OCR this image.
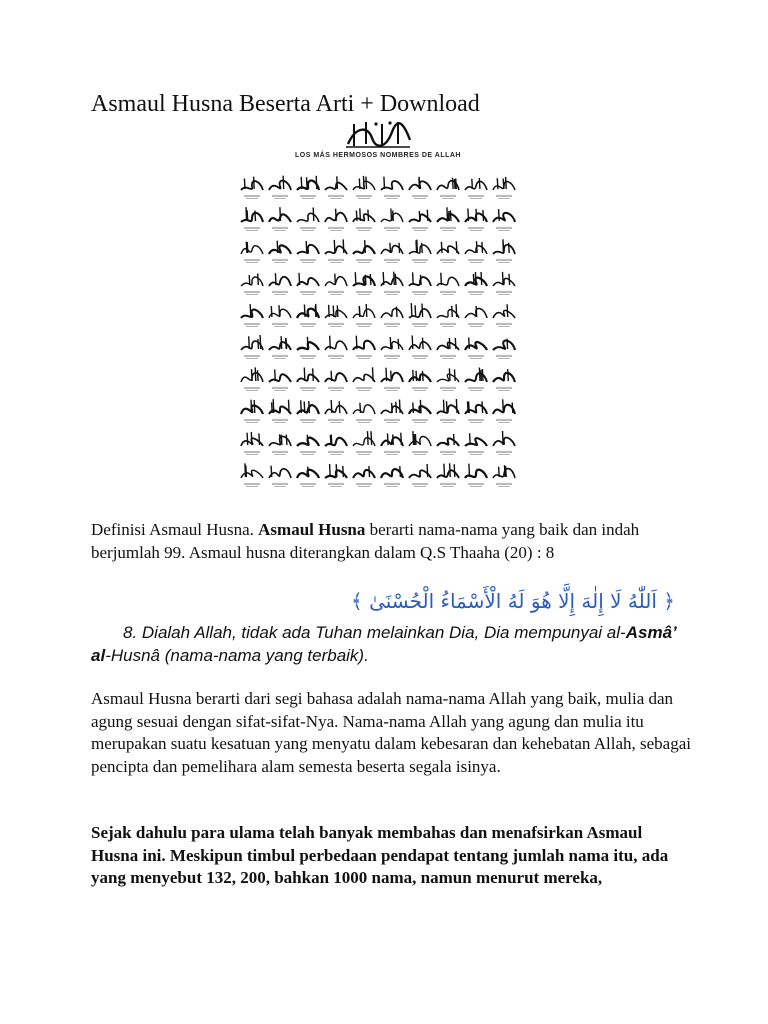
Asmaul Husna Beserta Arti + Download
LOS MÁS HERMOSOS NOMBRES DE ALLAH

Definisi Asmaul Husna. Asmaul Husna berarti nama-nama yang baik dan indah berjumlah 99. Asmaul husna diterangkan dalam Q.S Thaaha (20) : 8

﴿ اَللّٰهُ لَا إِلٰهَ إِلَّا هُوَ لَهُ الْأَسْمَاءُ الْحُسْنَىٰ ﴾

8. Dialah Allah, tidak ada Tuhan melainkan Dia, Dia mempunyai al-Asmâ’ al-Husnâ (nama-nama yang terbaik).

Asmaul Husna berarti dari segi bahasa adalah nama-nama Allah yang baik, mulia dan agung sesuai dengan sifat-sifat-Nya. Nama-nama Allah yang agung dan mulia itu merupakan suatu kesatuan yang menyatu dalam kebesaran dan kehebatan Allah, sebagai pencipta dan pemelihara alam semesta beserta segala isinya.

Sejak dahulu para ulama telah banyak membahas dan menafsirkan Asmaul Husna ini. Meskipun timbul perbedaan pendapat tentang jumlah nama itu, ada yang menyebut 132, 200, bahkan 1000 nama, namun menurut mereka,
